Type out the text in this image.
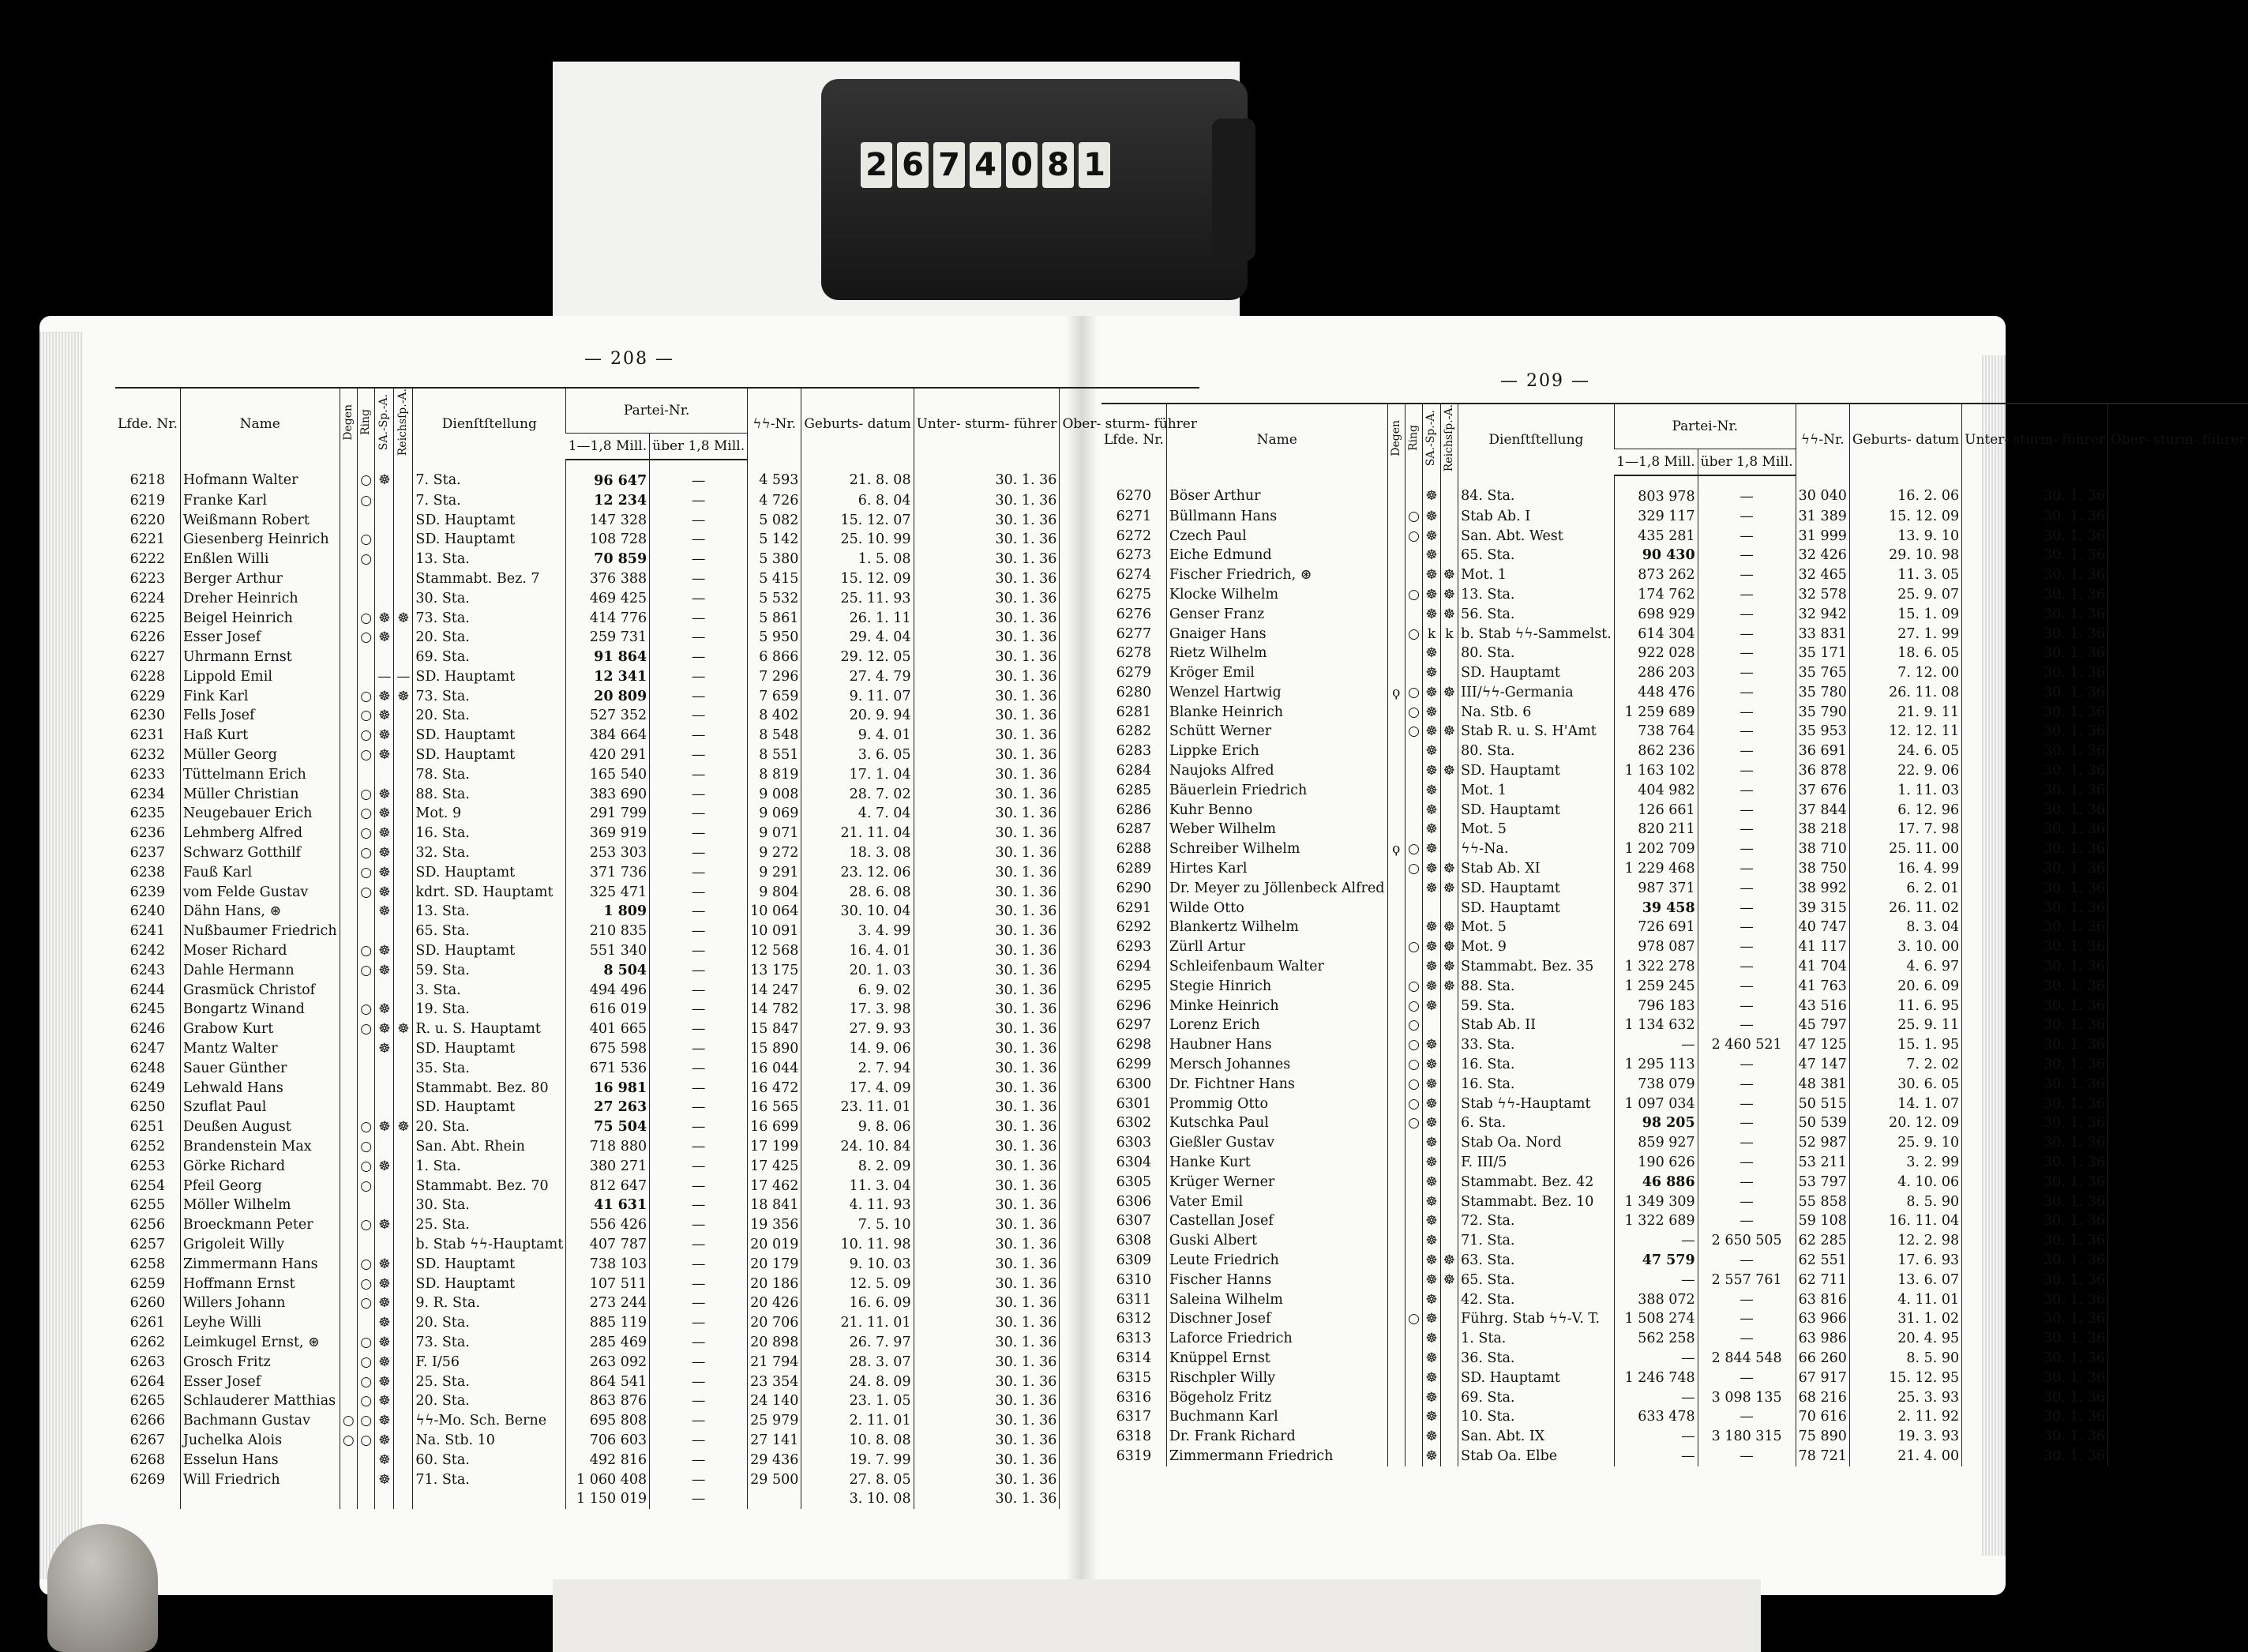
2 6 7 4 0 8 1
— 208 —
Lfde. Nr.	Name	Degen	Ring	SA.-Sp.-A.	Reichsſp.-A.	Dienſtſtellung	Partei-Nr.		ϟϟ-Nr.	Geburts- datum	Unter- sturm- führer	Ober- sturm- führer
							1—1,8 Mill.	über 1,8 Mill.				
6218	Hofmann Walter		○	☸		7. Sta.	96 647	—	4 593	21. 8. 08	30. 1. 36	
6219	Franke Karl		○			7. Sta.	12 234	—	4 726	6. 8. 04	30. 1. 36	
6220	Weißmann Robert					SD. Hauptamt	147 328	—	5 082	15. 12. 07	30. 1. 36	
6221	Giesenberg Heinrich		○			SD. Hauptamt	108 728	—	5 142	25. 10. 99	30. 1. 36	
6222	Enßlen Willi		○			13. Sta.	70 859	—	5 380	1. 5. 08	30. 1. 36	
6223	Berger Arthur					Stammabt. Bez. 7	376 388	—	5 415	15. 12. 09	30. 1. 36	
6224	Dreher Heinrich					30. Sta.	469 425	—	5 532	25. 11. 93	30. 1. 36	
6225	Beigel Heinrich		○	☸	☸	73. Sta.	414 776	—	5 861	26. 1. 11	30. 1. 36	
6226	Esser Josef		○	☸		20. Sta.	259 731	—	5 950	29. 4. 04	30. 1. 36	
6227	Uhrmann Ernst					69. Sta.	91 864	—	6 866	29. 12. 05	30. 1. 36	
6228	Lippold Emil			—	—	SD. Hauptamt	12 341	—	7 296	27. 4. 79	30. 1. 36	
6229	Fink Karl		○	☸	☸	73. Sta.	20 809	—	7 659	9. 11. 07	30. 1. 36	
6230	Fells Josef		○	☸		20. Sta.	527 352	—	8 402	20. 9. 94	30. 1. 36	
6231	Haß Kurt		○	☸		SD. Hauptamt	384 664	—	8 548	9. 4. 01	30. 1. 36	
6232	Müller Georg		○	☸		SD. Hauptamt	420 291	—	8 551	3. 6. 05	30. 1. 36	
6233	Tüttelmann Erich					78. Sta.	165 540	—	8 819	17. 1. 04	30. 1. 36	
6234	Müller Christian		○	☸		88. Sta.	383 690	—	9 008	28. 7. 02	30. 1. 36	
6235	Neugebauer Erich		○	☸		Mot. 9	291 799	—	9 069	4. 7. 04	30. 1. 36	
6236	Lehmberg Alfred		○	☸		16. Sta.	369 919	—	9 071	21. 11. 04	30. 1. 36	
6237	Schwarz Gotthilf		○	☸		32. Sta.	253 303	—	9 272	18. 3. 08	30. 1. 36	
6238	Fauß Karl		○	☸		SD. Hauptamt	371 736	—	9 291	23. 12. 06	30. 1. 36	
6239	vom Felde Gustav		○	☸		kdrt. SD. Hauptamt	325 471	—	9 804	28. 6. 08	30. 1. 36	
6240	Dähn Hans, ⊛			☸		13. Sta.	1 809	—	10 064	30. 10. 04	30. 1. 36	
6241	Nußbaumer Friedrich					65. Sta.	210 835	—	10 091	3. 4. 99	30. 1. 36	
6242	Moser Richard		○	☸		SD. Hauptamt	551 340	—	12 568	16. 4. 01	30. 1. 36	
6243	Dahle Hermann		○	☸		59. Sta.	8 504	—	13 175	20. 1. 03	30. 1. 36	
6244	Grasmück Christof					3. Sta.	494 496	—	14 247	6. 9. 02	30. 1. 36	
6245	Bongartz Winand		○	☸		19. Sta.	616 019	—	14 782	17. 3. 98	30. 1. 36	
6246	Grabow Kurt		○	☸	☸	R. u. S. Hauptamt	401 665	—	15 847	27. 9. 93	30. 1. 36	
6247	Mantz Walter			☸		SD. Hauptamt	675 598	—	15 890	14. 9. 06	30. 1. 36	
6248	Sauer Günther					35. Sta.	671 536	—	16 044	2. 7. 94	30. 1. 36	
6249	Lehwald Hans					Stammabt. Bez. 80	16 981	—	16 472	17. 4. 09	30. 1. 36	
6250	Szuflat Paul					SD. Hauptamt	27 263	—	16 565	23. 11. 01	30. 1. 36	
6251	Deußen August		○	☸	☸	20. Sta.	75 504	—	16 699	9. 8. 06	30. 1. 36	
6252	Brandenstein Max		○			San. Abt. Rhein	718 880	—	17 199	24. 10. 84	30. 1. 36	
6253	Görke Richard		○	☸		1. Sta.	380 271	—	17 425	8. 2. 09	30. 1. 36	
6254	Pfeil Georg		○			Stammabt. Bez. 70	812 647	—	17 462	11. 3. 04	30. 1. 36	
6255	Möller Wilhelm					30. Sta.	41 631	—	18 841	4. 11. 93	30. 1. 36	
6256	Broeckmann Peter		○	☸		25. Sta.	556 426	—	19 356	7. 5. 10	30. 1. 36	
6257	Grigoleit Willy					b. Stab ϟϟ-Hauptamt	407 787	—	20 019	10. 11. 98	30. 1. 36	
6258	Zimmermann Hans		○	☸		SD. Hauptamt	738 103	—	20 179	9. 10. 03	30. 1. 36	
6259	Hoffmann Ernst		○	☸		SD. Hauptamt	107 511	—	20 186	12. 5. 09	30. 1. 36	
6260	Willers Johann		○	☸		9. R. Sta.	273 244	—	20 426	16. 6. 09	30. 1. 36	
6261	Leyhe Willi			☸		20. Sta.	885 119	—	20 706	21. 11. 01	30. 1. 36	
6262	Leimkugel Ernst, ⊛		○	☸		73. Sta.	285 469	—	20 898	26. 7. 97	30. 1. 36	
6263	Grosch Fritz		○	☸		F. I/56	263 092	—	21 794	28. 3. 07	30. 1. 36	
6264	Esser Josef		○	☸		25. Sta.	864 541	—	23 354	24. 8. 09	30. 1. 36	
6265	Schlauderer Matthias		○	☸		20. Sta.	863 876	—	24 140	23. 1. 05	30. 1. 36	
6266	Bachmann Gustav	○	○	☸		ϟϟ-Mo. Sch. Berne	695 808	—	25 979	2. 11. 01	30. 1. 36	
6267	Juchelka Alois	○	○	☸		Na. Stb. 10	706 603	—	27 141	10. 8. 08	30. 1. 36	
6268	Esselun Hans			☸		60. Sta.	492 816	—	29 436	19. 7. 99	30. 1. 36	
6269	Will Friedrich			☸		71. Sta.	1 060 408	—	29 500	27. 8. 05	30. 1. 36	
							1 150 019	—		3. 10. 08	30. 1. 36	
— 209 —
Lfde. Nr.	Name	Degen	Ring	SA.-Sp.-A.	Reichsſp.-A.	Dienſtſtellung	Partei-Nr.		ϟϟ-Nr.	Geburts- datum	Unter- sturm- führer	Ober- sturm- führer
							1—1,8 Mill.	über 1,8 Mill.				
6270	Böser Arthur			☸		84. Sta.	803 978	—	30 040	16. 2. 06	30. 1. 36	
6271	Büllmann Hans		○	☸		Stab Ab. I	329 117	—	31 389	15. 12. 09	30. 1. 36	
6272	Czech Paul		○	☸		San. Abt. West	435 281	—	31 999	13. 9. 10	30. 1. 36	
6273	Eiche Edmund			☸		65. Sta.	90 430	—	32 426	29. 10. 98	30. 1. 36	
6274	Fischer Friedrich, ⊛			☸	☸	Mot. 1	873 262	—	32 465	11. 3. 05	30. 1. 36	
6275	Klocke Wilhelm		○	☸	☸	13. Sta.	174 762	—	32 578	25. 9. 07	30. 1. 36	
6276	Genser Franz			☸	☸	56. Sta.	698 929	—	32 942	15. 1. 09	30. 1. 36	
6277	Gnaiger Hans		○	k	k	b. Stab ϟϟ-Sammelst.	614 304	—	33 831	27. 1. 99	30. 1. 36	
6278	Rietz Wilhelm			☸		80. Sta.	922 028	—	35 171	18. 6. 05	30. 1. 36	
6279	Kröger Emil			☸		SD. Hauptamt	286 203	—	35 765	7. 12. 00	30. 1. 36	
6280	Wenzel Hartwig	ϙ	○	☸	☸	III/ϟϟ-Germania	448 476	—	35 780	26. 11. 08	30. 1. 36	
6281	Blanke Heinrich		○	☸		Na. Stb. 6	1 259 689	—	35 790	21. 9. 11	30. 1. 36	
6282	Schütt Werner		○	☸	☸	Stab R. u. S. H'Amt	738 764	—	35 953	12. 12. 11	30. 1. 36	
6283	Lippke Erich			☸		80. Sta.	862 236	—	36 691	24. 6. 05	30. 1. 36	
6284	Naujoks Alfred			☸	☸	SD. Hauptamt	1 163 102	—	36 878	22. 9. 06	30. 1. 36	
6285	Bäuerlein Friedrich			☸		Mot. 1	404 982	—	37 676	1. 11. 03	30. 1. 36	
6286	Kuhr Benno			☸		SD. Hauptamt	126 661	—	37 844	6. 12. 96	30. 1. 36	
6287	Weber Wilhelm			☸		Mot. 5	820 211	—	38 218	17. 7. 98	30. 1. 36	
6288	Schreiber Wilhelm	ϙ	○	☸		ϟϟ-Na.	1 202 709	—	38 710	25. 11. 00	30. 1. 36	
6289	Hirtes Karl		○	☸	☸	Stab Ab. XI	1 229 468	—	38 750	16. 4. 99	30. 1. 36	
6290	Dr. Meyer zu Jöllenbeck Alfred			☸	☸	SD. Hauptamt	987 371	—	38 992	6. 2. 01	30. 1. 36	
6291	Wilde Otto					SD. Hauptamt	39 458	—	39 315	26. 11. 02	30. 1. 36	
6292	Blankertz Wilhelm			☸	☸	Mot. 5	726 691	—	40 747	8. 3. 04	30. 1. 36	
6293	Zürll Artur		○	☸	☸	Mot. 9	978 087	—	41 117	3. 10. 00	30. 1. 36	
6294	Schleifenbaum Walter			☸	☸	Stammabt. Bez. 35	1 322 278	—	41 704	4. 6. 97	30. 1. 36	
6295	Stegie Hinrich		○	☸	☸	88. Sta.	1 259 245	—	41 763	20. 6. 09	30. 1. 36	
6296	Minke Heinrich		○	☸		59. Sta.	796 183	—	43 516	11. 6. 95	30. 1. 36	
6297	Lorenz Erich		○			Stab Ab. II	1 134 632	—	45 797	25. 9. 11	30. 1. 36	
6298	Haubner Hans		○	☸		33. Sta.	—	2 460 521	47 125	15. 1. 95	30. 1. 36	
6299	Mersch Johannes		○	☸		16. Sta.	1 295 113	—	47 147	7. 2. 02	30. 1. 36	
6300	Dr. Fichtner Hans		○	☸		16. Sta.	738 079	—	48 381	30. 6. 05	30. 1. 36	
6301	Prommig Otto		○	☸		Stab ϟϟ-Hauptamt	1 097 034	—	50 515	14. 1. 07	30. 1. 36	
6302	Kutschka Paul		○	☸		6. Sta.	98 205	—	50 539	20. 12. 09	30. 1. 36	
6303	Gießler Gustav			☸		Stab Oa. Nord	859 927	—	52 987	25. 9. 10	30. 1. 36	
6304	Hanke Kurt			☸		F. III/5	190 626	—	53 211	3. 2. 99	30. 1. 36	
6305	Krüger Werner			☸		Stammabt. Bez. 42	46 886	—	53 797	4. 10. 06	30. 1. 36	
6306	Vater Emil			☸		Stammabt. Bez. 10	1 349 309	—	55 858	8. 5. 90	30. 1. 36	
6307	Castellan Josef			☸		72. Sta.	1 322 689	—	59 108	16. 11. 04	30. 1. 36	
6308	Guski Albert			☸		71. Sta.	—	2 650 505	62 285	12. 2. 98	30. 1. 36	
6309	Leute Friedrich			☸	☸	63. Sta.	47 579	—	62 551	17. 6. 93	30. 1. 36	
6310	Fischer Hanns			☸	☸	65. Sta.	—	2 557 761	62 711	13. 6. 07	30. 1. 36	
6311	Saleina Wilhelm			☸		42. Sta.	388 072	—	63 816	4. 11. 01	30. 1. 36	
6312	Dischner Josef		○	☸		Führg. Stab ϟϟ-V. T.	1 508 274	—	63 966	31. 1. 02	30. 1. 36	
6313	Laforce Friedrich			☸		1. Sta.	562 258	—	63 986	20. 4. 95	30. 1. 36	
6314	Knüppel Ernst			☸		36. Sta.	—	2 844 548	66 260	8. 5. 90	30. 1. 36	
6315	Rischpler Willy			☸		SD. Hauptamt	1 246 748	—	67 917	15. 12. 95	30. 1. 36	
6316	Bögeholz Fritz			☸		69. Sta.	—	3 098 135	68 216	25. 3. 93	30. 1. 36	
6317	Buchmann Karl			☸		10. Sta.	633 478	—	70 616	2. 11. 92	30. 1. 36	
6318	Dr. Frank Richard			☸		San. Abt. IX	—	3 180 315	75 890	19. 3. 93	30. 1. 36	
6319	Zimmermann Friedrich			☸		Stab Oa. Elbe	—	—	78 721	21. 4. 00	30. 1. 36	
